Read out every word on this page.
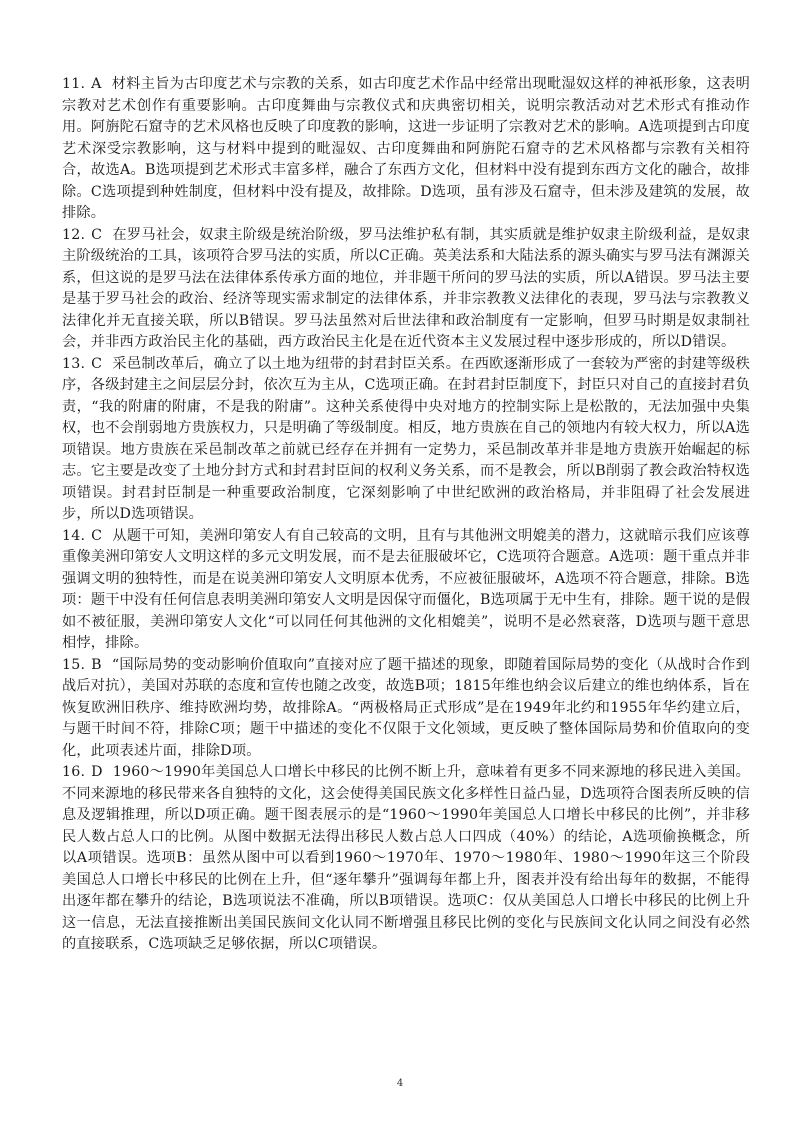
11. A 材料主旨为古印度艺术与宗教的关系，如古印度艺术作品中经常出现毗湿奴这样的神祇形象，这表明宗教对艺术创作有重要影响。古印度舞曲与宗教仪式和庆典密切相关，说明宗教活动对艺术形式有推动作用。阿旃陀石窟寺的艺术风格也反映了印度教的影响，这进一步证明了宗教对艺术的影响。A选项提到古印度艺术深受宗教影响，这与材料中提到的毗湿奴、古印度舞曲和阿旃陀石窟寺的艺术风格都与宗教有关相符合，故选A。B选项提到艺术形式丰富多样，融合了东西方文化，但材料中没有提到东西方文化的融合，故排除。C选项提到种姓制度，但材料中没有提及，故排除。D选项，虽有涉及石窟寺，但未涉及建筑的发展，故排除。

12. C 在罗马社会，奴隶主阶级是统治阶级，罗马法维护私有制，其实质就是维护奴隶主阶级利益，是奴隶主阶级统治的工具，该项符合罗马法的实质，所以C正确。英美法系和大陆法系的源头确实与罗马法有渊源关系，但这说的是罗马法在法律体系传承方面的地位，并非题干所问的罗马法的实质，所以A错误。罗马法主要是基于罗马社会的政治、经济等现实需求制定的法律体系，并非宗教教义法律化的表现，罗马法与宗教教义法律化并无直接关联，所以B错误。罗马法虽然对后世法律和政治制度有一定影响，但罗马时期是奴隶制社会，并非西方政治民主化的基础，西方政治民主化是在近代资本主义发展过程中逐步形成的，所以D错误。

13. C 采邑制改革后，确立了以土地为纽带的封君封臣关系。在西欧逐渐形成了一套较为严密的封建等级秩序，各级封建主之间层层分封，依次互为主从，C选项正确。在封君封臣制度下，封臣只对自己的直接封君负责，“我的附庸的附庸，不是我的附庸”。这种关系使得中央对地方的控制实际上是松散的，无法加强中央集权，也不会削弱地方贵族权力，只是明确了等级制度。相反，地方贵族在自己的领地内有较大权力，所以A选项错误。地方贵族在采邑制改革之前就已经存在并拥有一定势力，采邑制改革并非是地方贵族开始崛起的标志。它主要是改变了土地分封方式和封君封臣间的权利义务关系，而不是教会，所以B削弱了教会政治特权选项错误。封君封臣制是一种重要政治制度，它深刻影响了中世纪欧洲的政治格局，并非阻碍了社会发展进步，所以D选项错误。

14. C 从题干可知，美洲印第安人有自己较高的文明，且有与其他洲文明媲美的潜力，这就暗示我们应该尊重像美洲印第安人文明这样的多元文明发展，而不是去征服破坏它，C选项符合题意。A选项：题干重点并非强调文明的独特性，而是在说美洲印第安人文明原本优秀，不应被征服破坏，A选项不符合题意，排除。B选项：题干中没有任何信息表明美洲印第安人文明是因保守而僵化，B选项属于无中生有，排除。题干说的是假如不被征服，美洲印第安人文化“可以同任何其他洲的文化相媲美”，说明不是必然衰落，D选项与题干意思相悖，排除。

15. B “国际局势的变动影响价值取向”直接对应了题干描述的现象，即随着国际局势的变化（从战时合作到战后对抗），美国对苏联的态度和宣传也随之改变，故选B项；1815年维也纳会议后建立的维也纳体系，旨在恢复欧洲旧秩序、维持欧洲均势，故排除A。“两极格局正式形成”是在1949年北约和1955年华约建立后，与题干时间不符，排除C项；题干中描述的变化不仅限于文化领域，更反映了整体国际局势和价值取向的变化，此项表述片面，排除D项。

16. D 1960～1990年美国总人口增长中移民的比例不断上升，意味着有更多不同来源地的移民进入美国。不同来源地的移民带来各自独特的文化，这会使得美国民族文化多样性日益凸显，D选项符合图表所反映的信息及逻辑推理，所以D项正确。题干图表展示的是“1960～1990年美国总人口增长中移民的比例”，并非移民人数占总人口的比例。从图中数据无法得出移民人数占总人口四成（40%）的结论，A选项偷换概念，所以A项错误。选项B：虽然从图中可以看到1960～1970年、1970～1980年、1980～1990年这三个阶段美国总人口增长中移民的比例在上升，但“逐年攀升”强调每年都上升，图表并没有给出每年的数据，不能得出逐年都在攀升的结论，B选项说法不准确，所以B项错误。选项C：仅从美国总人口增长中移民的比例上升这一信息，无法直接推断出美国民族间文化认同不断增强且移民比例的变化与民族间文化认同之间没有必然的直接联系，C选项缺乏足够依据，所以C项错误。

4
